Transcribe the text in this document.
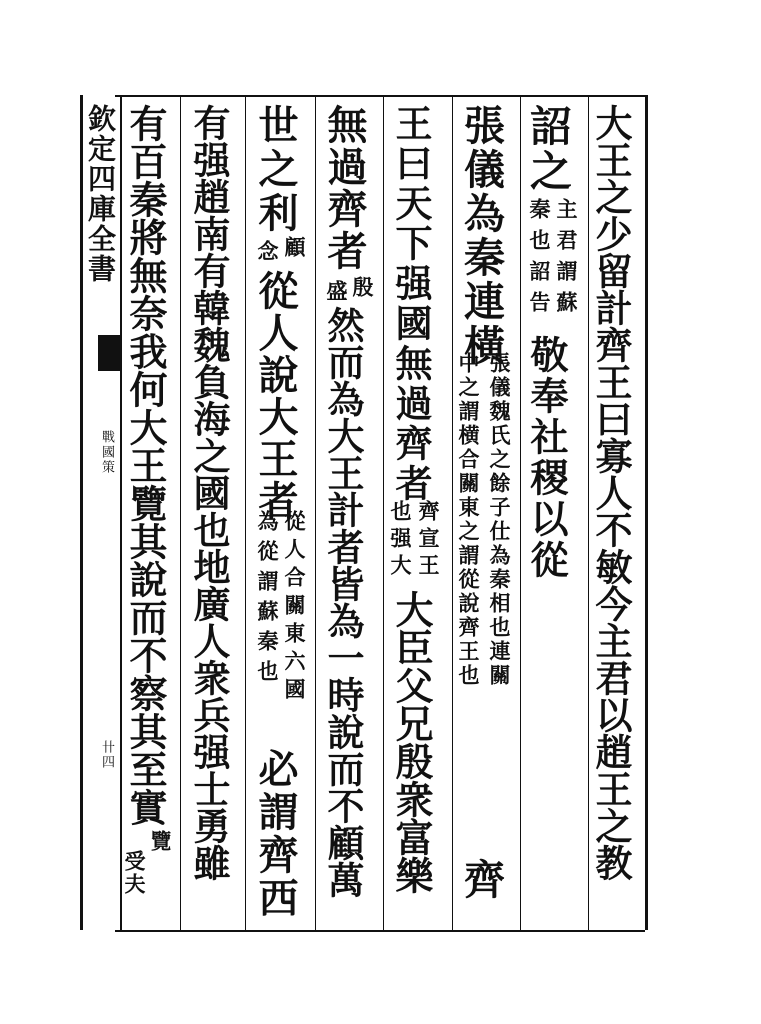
欽定四庫全書
戰國策
卄四	大王之少留計齊王曰寡人不敏今主君以趙王之教
詔之
主君謂蘇
秦也詔告
敬奉社稷以從
張儀為秦連橫
張儀魏氏之餘子仕為秦相也連關
中之謂横合關東之謂從說齊王也
齊
王曰天下强國無過齊者
齊宣王
也强大
大臣父兄殷衆富樂
無過齊者
殷
盛
然而為大王計者皆為一時說而不顧萬
世之利
顧
念
從人說大王者
從人合關東六國
為從謂蘇秦也
必謂齊西
有强趙南有韓魏負海之國也地廣人衆兵强士勇雖
有百秦將無奈我何大王覽其說而不察其至實
覽
受夫
